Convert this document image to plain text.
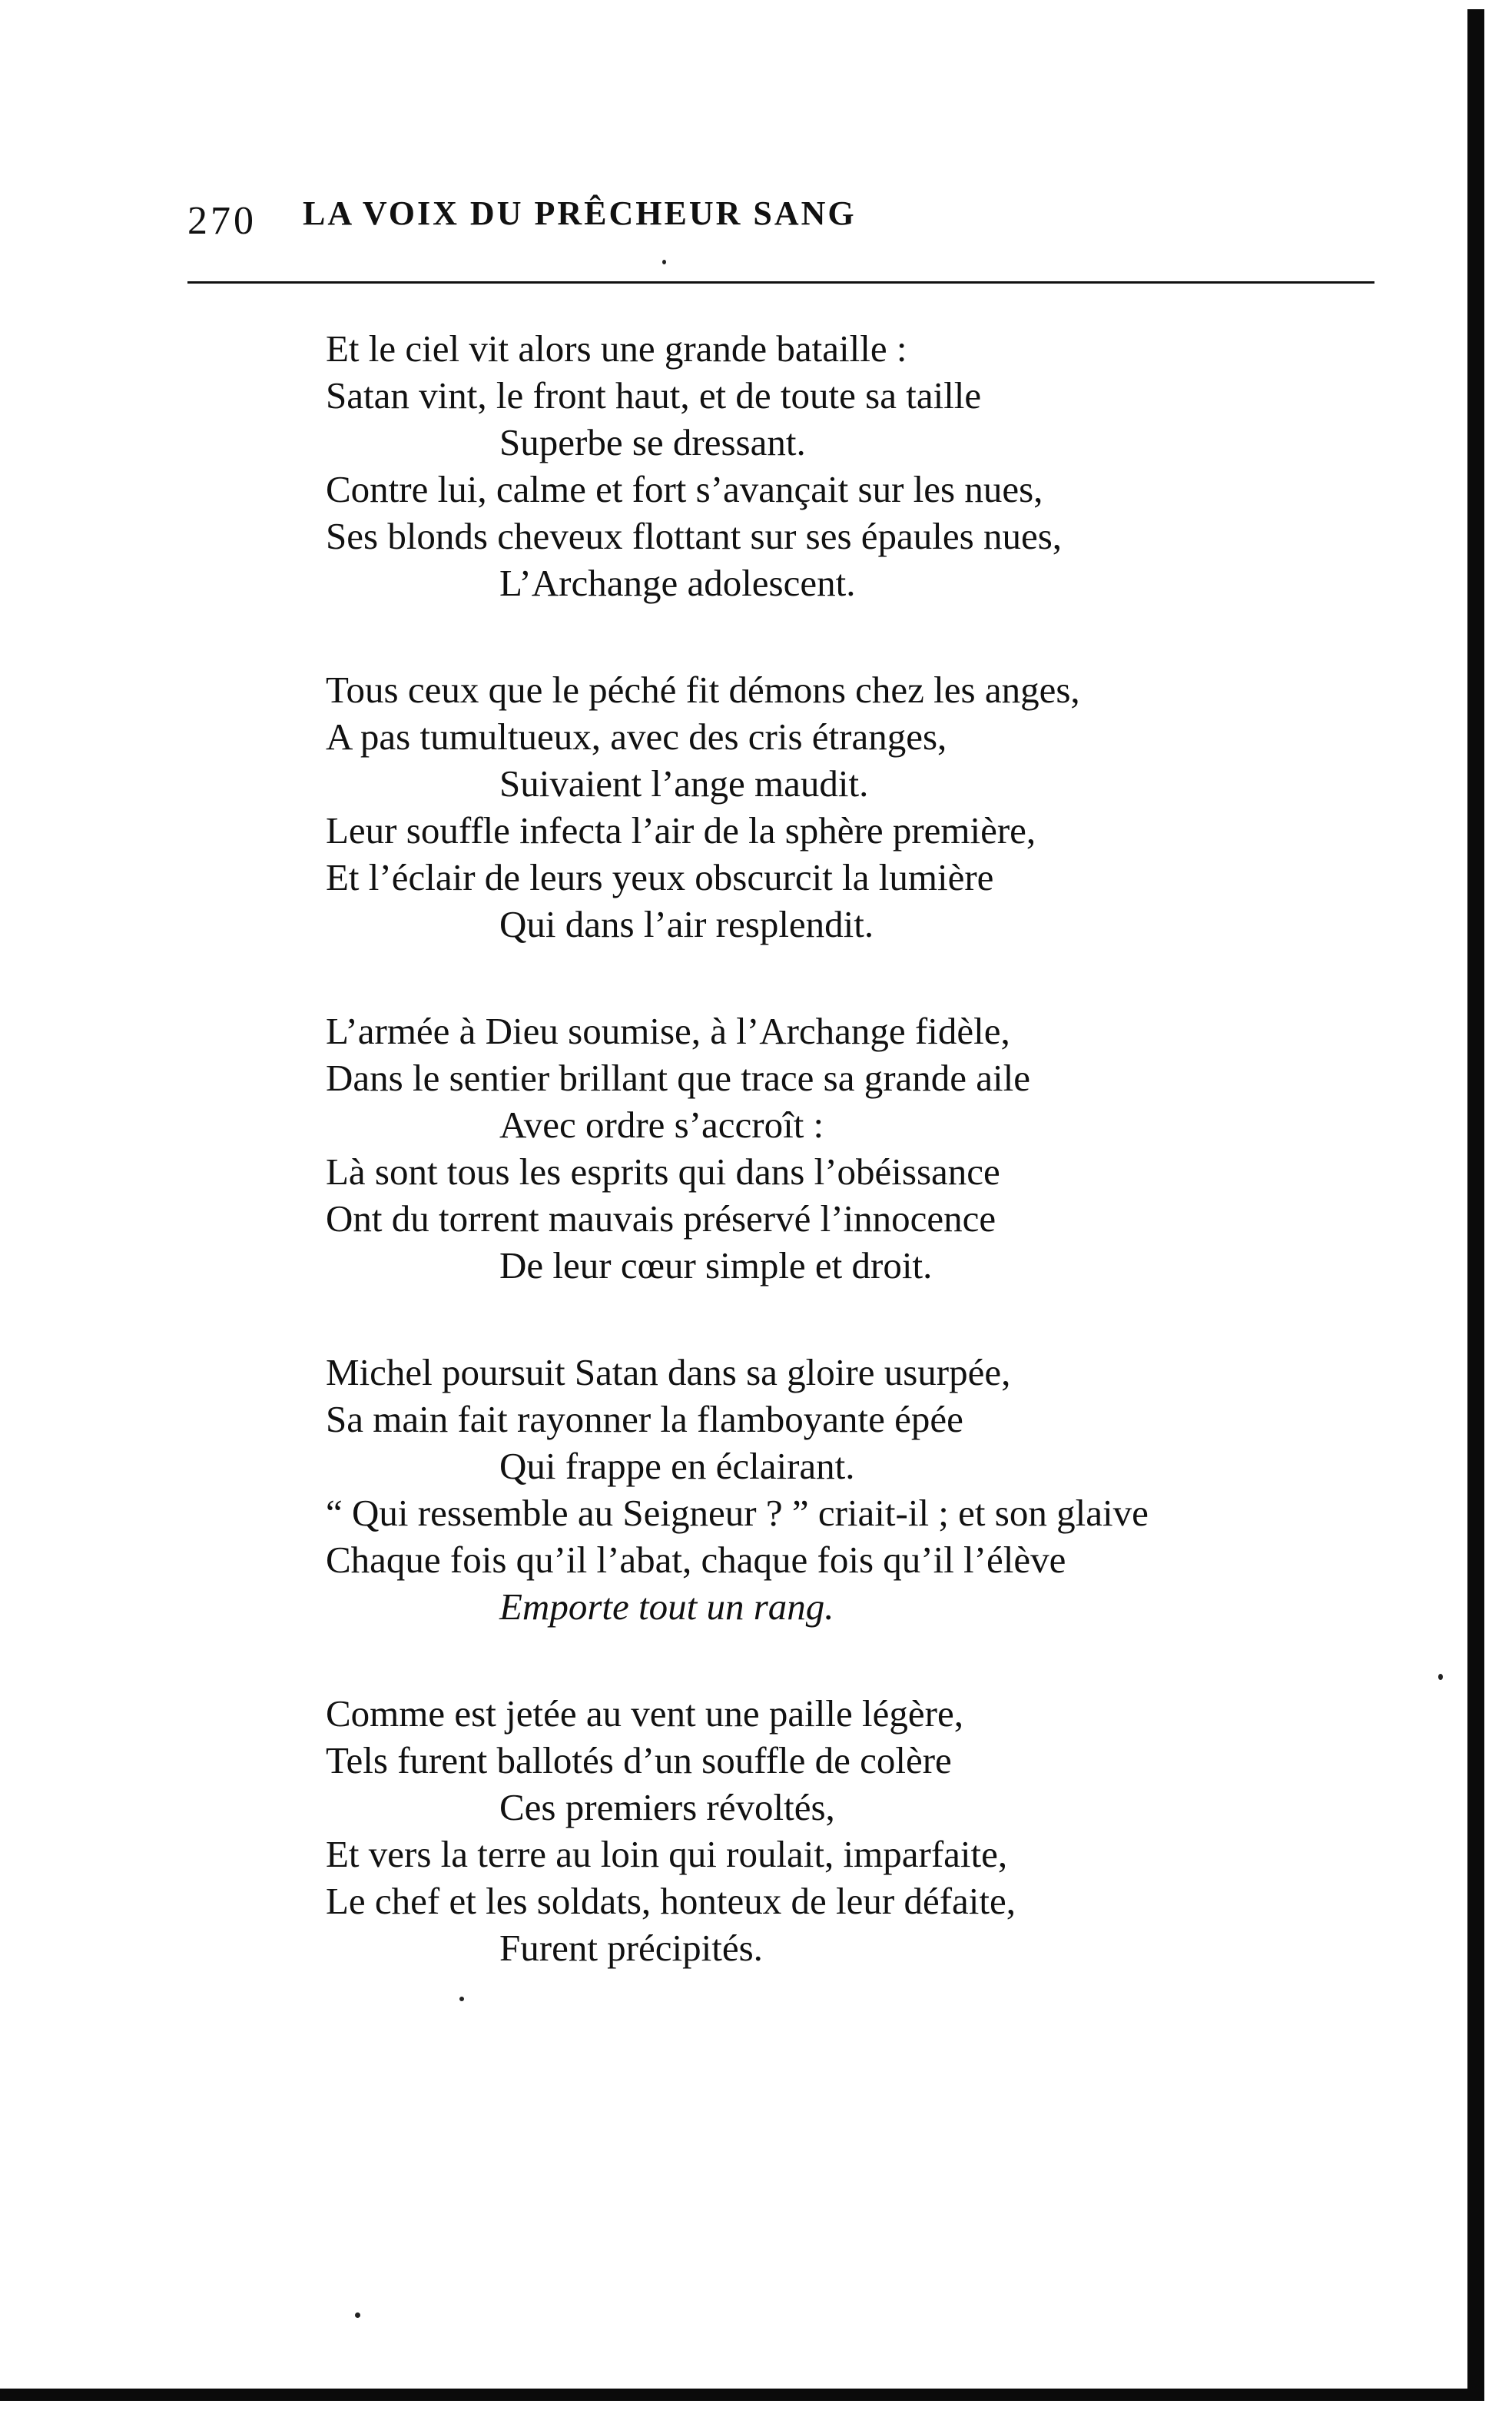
270 LA VOIX DU PRÊCHEUR SANG
Et le ciel vit alors une grande bataille :
Satan vint, le front haut, et de toute sa taille
Superbe se dressant.
Contre lui, calme et fort s’avançait sur les nues,
Ses blonds cheveux flottant sur ses épaules nues,
L’Archange adolescent.
Tous ceux que le péché fit démons chez les anges,
A pas tumultueux, avec des cris étranges,
Suivaient l’ange maudit.
Leur souffle infecta l’air de la sphère première,
Et l’éclair de leurs yeux obscurcit la lumière
Qui dans l’air resplendit.
L’armée à Dieu soumise, à l’Archange fidèle,
Dans le sentier brillant que trace sa grande aile
Avec ordre s’accroît :
Là sont tous les esprits qui dans l’obéissance
Ont du torrent mauvais préservé l’innocence
De leur cœur simple et droit.
Michel poursuit Satan dans sa gloire usurpée,
Sa main fait rayonner la flamboyante épée
Qui frappe en éclairant.
“ Qui ressemble au Seigneur ? ” criait-il ; et son glaive
Chaque fois qu’il l’abat, chaque fois qu’il l’élève
Emporte tout un rang.
Comme est jetée au vent une paille légère,
Tels furent ballotés d’un souffle de colère
Ces premiers révoltés,
Et vers la terre au loin qui roulait, imparfaite,
Le chef et les soldats, honteux de leur défaite,
Furent précipités.
